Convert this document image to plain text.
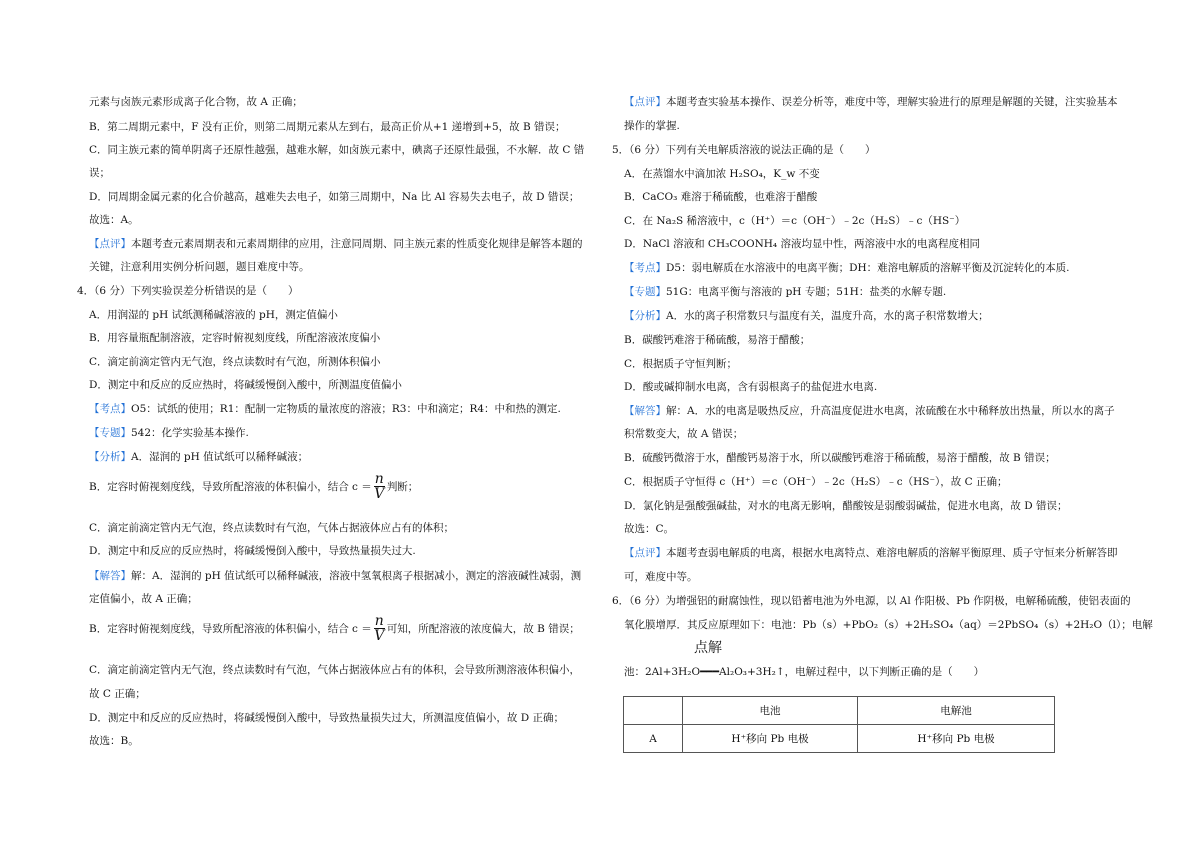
元素与卤族元素形成离子化合物，故 A 正确；
B．第二周期元素中，F 没有正价，则第二周期元素从左到右，最高正价从+1 递增到+5，故 B 错误；
C．同主族元素的简单阴离子还原性越强，越难水解，如卤族元素中，碘离子还原性最强，不水解．故 C 错
误；
D．同周期金属元素的化合价越高，越难失去电子，如第三周期中，Na 比 Al 容易失去电子，故 D 错误；
故选：A。
【点评】本题考查元素周期表和元素周期律的应用，注意同周期、同主族元素的性质变化规律是解答本题的
关键，注意利用实例分析问题，题目难度中等。
4．（6 分）下列实验误差分析错误的是（　　）
A．用润湿的 pH 试纸测稀碱溶液的 pH，测定值偏小
B．用容量瓶配制溶液，定容时俯视刻度线，所配溶液浓度偏小
C．滴定前滴定管内无气泡，终点读数时有气泡，所测体积偏小
D．测定中和反应的反应热时，将碱缓慢倒入酸中，所测温度值偏小
【考点】O5：试纸的使用；R1：配制一定物质的量浓度的溶液；R3：中和滴定；R4：中和热的测定.
【专题】542：化学实验基本操作.
【分析】A．湿润的 pH 值试纸可以稀释碱液；
B．定容时俯视刻度线，导致所配溶液的体积偏小，结合 $c = \frac{n}{V}$ 判断；
C．滴定前滴定管内无气泡，终点读数时有气泡，气体占据液体应占有的体积；
D．测定中和反应的反应热时，将碱缓慢倒入酸中，导致热量损失过大.
【解答】解：A．湿润的 pH 值试纸可以稀释碱液，溶液中氢氧根离子根据减小，测定的溶液碱性减弱，测
定值偏小，故 A 正确；
B．定容时俯视刻度线，导致所配溶液的体积偏小，结合 $c = \frac{n}{V}$ 可知，所配溶液的浓度偏大，故 B 错误；
C．滴定前滴定管内无气泡，终点读数时有气泡，气体占据液体应占有的体积，会导致所测溶液体积偏小，
故 C 正确；
D．测定中和反应的反应热时，将碱缓慢倒入酸中，导致热量损失过大，所测温度值偏小，故 D 正确；
故选：B。
【点评】本题考查实验基本操作、误差分析等，难度中等，理解实验进行的原理是解题的关键，注实验基本
操作的掌握.
5．（6 分）下列有关电解质溶液的说法正确的是（　　）
A．在蒸馏水中滴加浓 H₂SO₄，K_w 不变
B．CaCO₃ 难溶于稀硫酸，也难溶于醋酸
C．在 Na₂S 稀溶液中，c（H⁺）＝c（OH⁻）﹣2c（H₂S）﹣c（HS⁻）
D．NaCl 溶液和 CH₃COONH₄ 溶液均显中性，两溶液中水的电离程度相同
【考点】D5：弱电解质在水溶液中的电离平衡；DH：难溶电解质的溶解平衡及沉淀转化的本质.
【专题】51G：电离平衡与溶液的 pH 专题；51H：盐类的水解专题.
【分析】A．水的离子积常数只与温度有关，温度升高，水的离子积常数增大；
B．碳酸钙难溶于稀硫酸，易溶于醋酸；
C．根据质子守恒判断；
D．酸或碱抑制水电离，含有弱根离子的盐促进水电离.
【解答】解：A．水的电离是吸热反应，升高温度促进水电离，浓硫酸在水中稀释放出热量，所以水的离子
积常数变大，故 A 错误；
B．硫酸钙微溶于水，醋酸钙易溶于水，所以碳酸钙难溶于稀硫酸，易溶于醋酸，故 B 错误；
C．根据质子守恒得 c（H⁺）＝c（OH⁻）﹣2c（H₂S）﹣c（HS⁻），故 C 正确；
D．氯化钠是强酸强碱盐，对水的电离无影响，醋酸铵是弱酸弱碱盐，促进水电离，故 D 错误；
故选：C。
【点评】本题考查弱电解质的电离，根据水电离特点、难溶电解质的溶解平衡原理、质子守恒来分析解答即
可，难度中等。
6．（6 分）为增强铝的耐腐蚀性，现以铅蓄电池为外电源，以 Al 作阳极、Pb 作阴极，电解稀硫酸，使铝表面的
氧化膜增厚．其反应原理如下：电池：Pb（s）+PbO₂（s）+2H₂SO₄（aq）＝2PbSO₄（s）+2H₂O（l）；电解
点解
池：2Al+3H₂O━━━Al₂O₃+3H₂↑，电解过程中，以下判断正确的是（　　）
	电池	电解池
A	H⁺移向 Pb 电极	H⁺移向 Pb 电极
